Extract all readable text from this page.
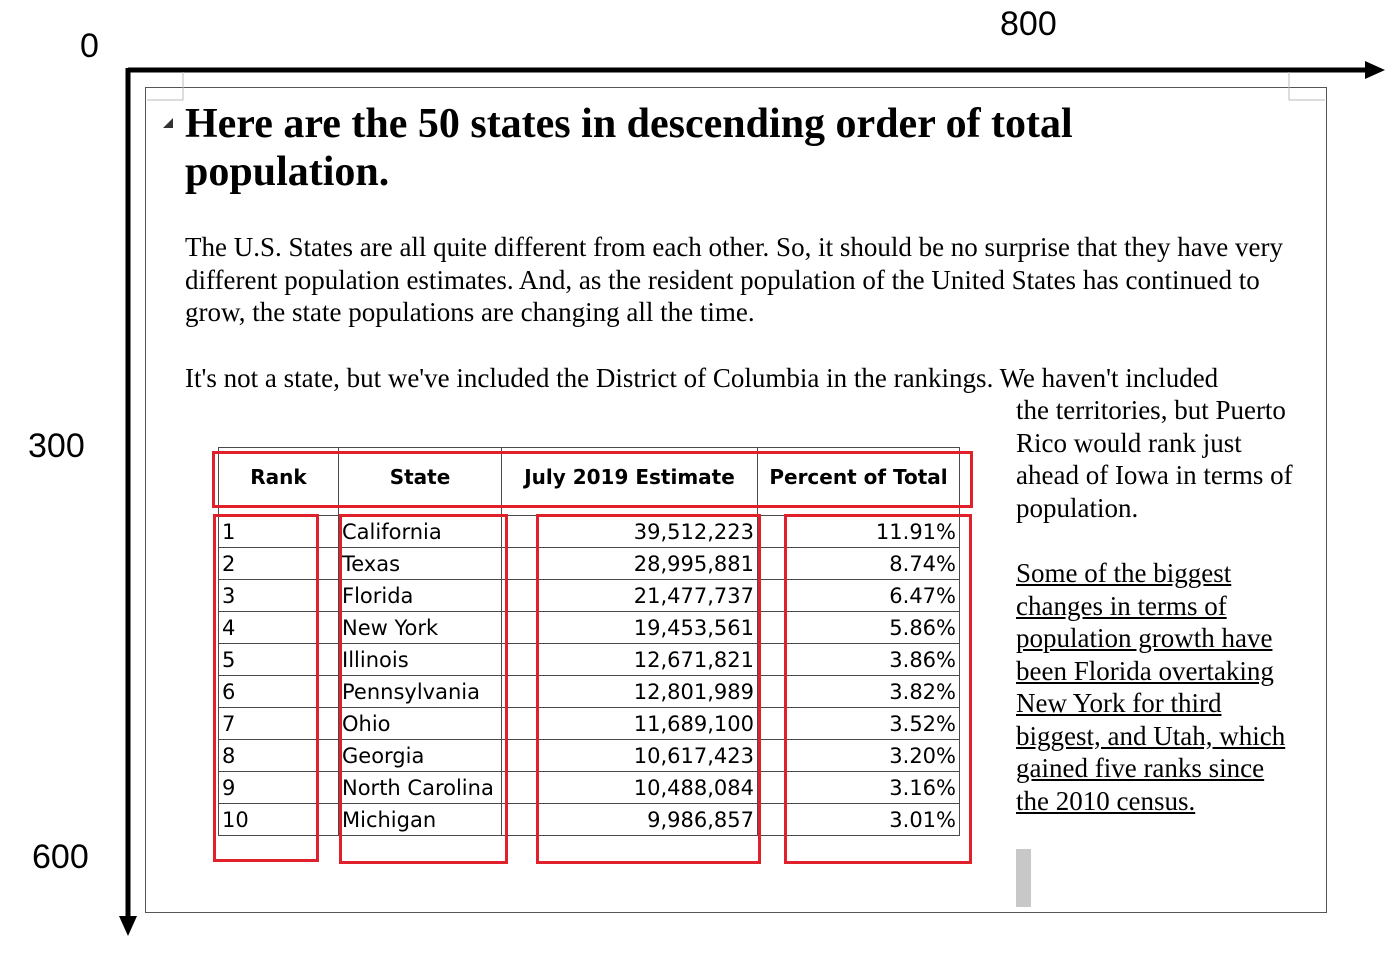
0
800
300
600
Here are the 50 states in descending order of total population.

The U.S. States are all quite different from each other. So, it should be no surprise that they have very different population estimates. And, as the resident population of the United States has continued to grow, the state populations are changing all the time.

It's not a state, but we've included the District of Columbia in the rankings. We haven't included

the territories, but Puerto Rico would rank just ahead of Iowa in terms of population.

Some of the biggest changes in terms of population growth have been Florida overtaking New York for third biggest, and Utah, which gained five ranks since the 2010 census.

Rank	State	July 2019 Estimate	Percent of Total

1	California	39,512,223	11.91%
2	Texas	28,995,881	8.74%
3	Florida	21,477,737	6.47%
4	New York	19,453,561	5.86%
5	Illinois	12,671,821	3.86%
6	Pennsylvania	12,801,989	3.82%
7	Ohio	11,689,100	3.52%
8	Georgia	10,617,423	3.20%
9	North Carolina	10,488,084	3.16%
10	Michigan	9,986,857	3.01%
